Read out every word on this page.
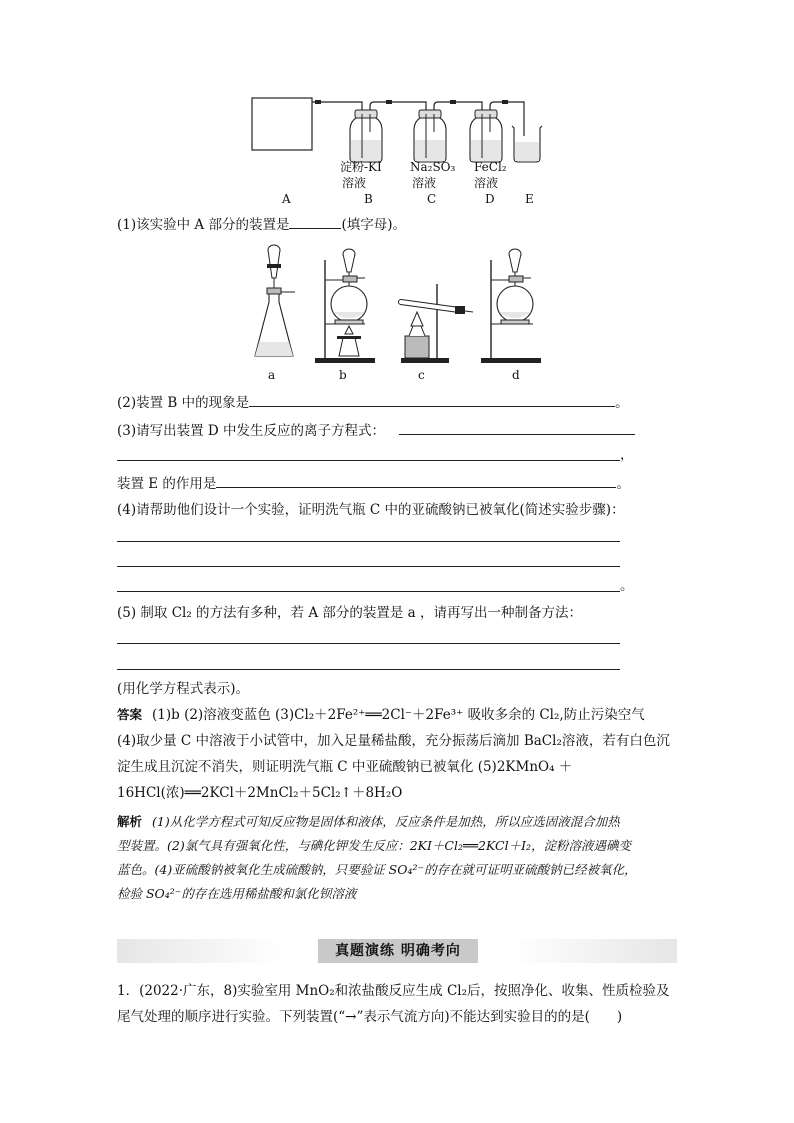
淀粉-KI
溶液
Na₂SO₃
溶液
FeCl₂
溶液
A	B	C	D	E
(1)该实验中 A 部分的装置是	(填字母)。
a	b	c	d
(2)装置 B 中的现象是	。
(3)请写出装置 D 中发生反应的离子方程式：
，
装置 E 的作用是	。
(4)请帮助他们设计一个实验，证明洗气瓶 C 中的亚硫酸钠已被氧化(简述实验步骤)：
。
(5) 制取 Cl₂ 的方法有多种，若 A 部分的装置是 a ，请再写出一种制备方法：
(用化学方程式表示)。
答案 (1)b (2)溶液变蓝色 (3)Cl₂＋2Fe²⁺══2Cl⁻＋2Fe³⁺ 吸收多余的 Cl₂,防止污染空气
(4)取少量 C 中溶液于小试管中，加入足量稀盐酸，充分振荡后滴加 BaCl₂溶液，若有白色沉
淀生成且沉淀不消失，则证明洗气瓶 C 中亚硫酸钠已被氧化 (5)2KMnO₄ ＋
16HCl(浓)══2KCl＋2MnCl₂＋5Cl₂↑＋8H₂O
解析 (1)从化学方程式可知反应物是固体和液体，反应条件是加热，所以应选固液混合加热
型装置。(2)氯气具有强氧化性，与碘化钾发生反应：2KI＋Cl₂══2KCl＋I₂，淀粉溶液遇碘变
蓝色。(4)亚硫酸钠被氧化生成硫酸钠，只要验证 SO₄²⁻的存在就可证明亚硫酸钠已经被氧化，
检验 SO₄²⁻的存在选用稀盐酸和氯化钡溶液
真题演练 明确考向
1．(2022·广东，8)实验室用 MnO₂和浓盐酸反应生成 Cl₂后，按照净化、收集、性质检验及
尾气处理的顺序进行实验。下列装置(“→”表示气流方向)不能达到实验目的的是(　　)
